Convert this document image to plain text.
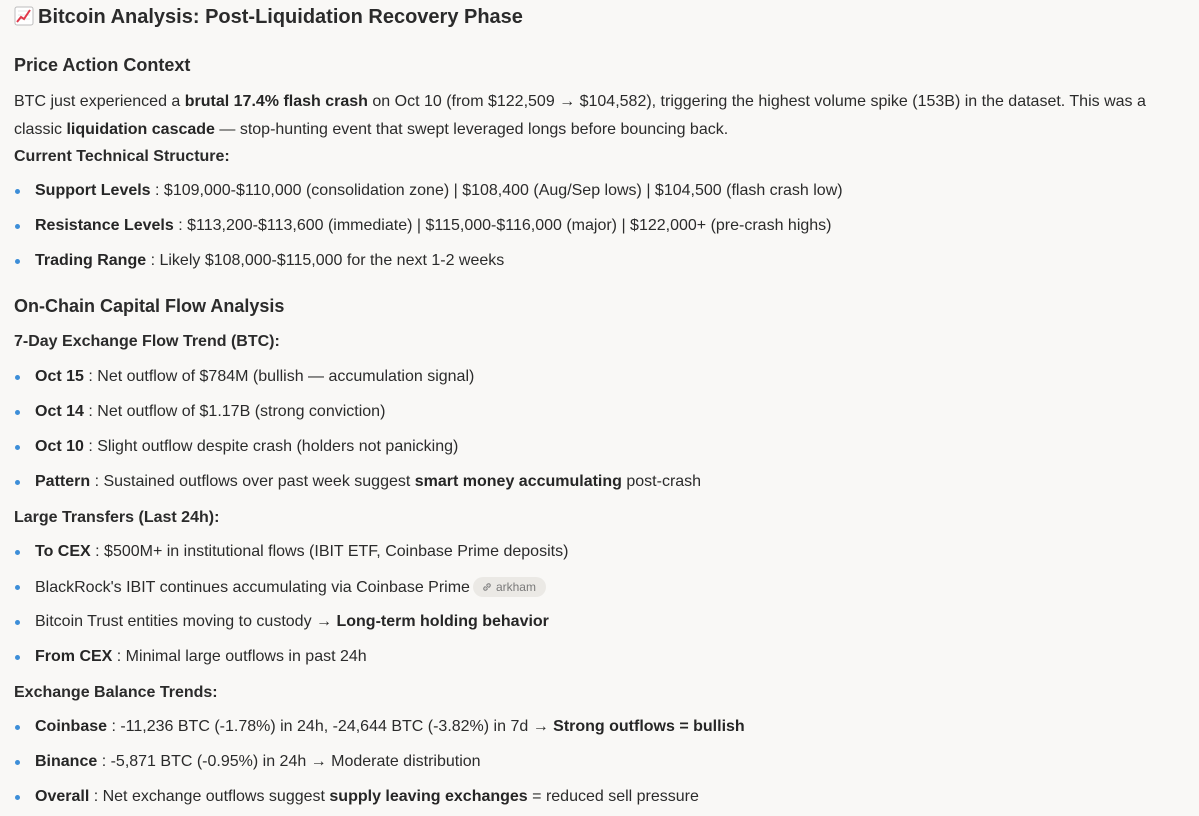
Bitcoin Analysis: Post-Liquidation Recovery Phase
Price Action Context
BTC just experienced a brutal 17.4% flash crash on Oct 10 (from $122,509 → $104,582), triggering the highest volume spike (153B) in the dataset. This was a classic liquidation cascade — stop-hunting event that swept leveraged longs before bouncing back.
Current Technical Structure:
Support Levels : $109,000-$110,000 (consolidation zone) | $108,400 (Aug/Sep lows) | $104,500 (flash crash low)
Resistance Levels : $113,200-$113,600 (immediate) | $115,000-$116,000 (major) | $122,000+ (pre-crash highs)
Trading Range : Likely $108,000-$115,000 for the next 1-2 weeks
On-Chain Capital Flow Analysis
7-Day Exchange Flow Trend (BTC):
Oct 15 : Net outflow of $784M (bullish — accumulation signal)
Oct 14 : Net outflow of $1.17B (strong conviction)
Oct 10 : Slight outflow despite crash (holders not panicking)
Pattern : Sustained outflows over past week suggest smart money accumulating post-crash
Large Transfers (Last 24h):
To CEX : $500M+ in institutional flows (IBIT ETF, Coinbase Prime deposits)
BlackRock's IBIT continues accumulating via Coinbase Prime arkham
Bitcoin Trust entities moving to custody → Long-term holding behavior
From CEX : Minimal large outflows in past 24h
Exchange Balance Trends:
Coinbase : -11,236 BTC (-1.78%) in 24h, -24,644 BTC (-3.82%) in 7d → Strong outflows = bullish
Binance : -5,871 BTC (-0.95%) in 24h → Moderate distribution
Overall : Net exchange outflows suggest supply leaving exchanges = reduced sell pressure
